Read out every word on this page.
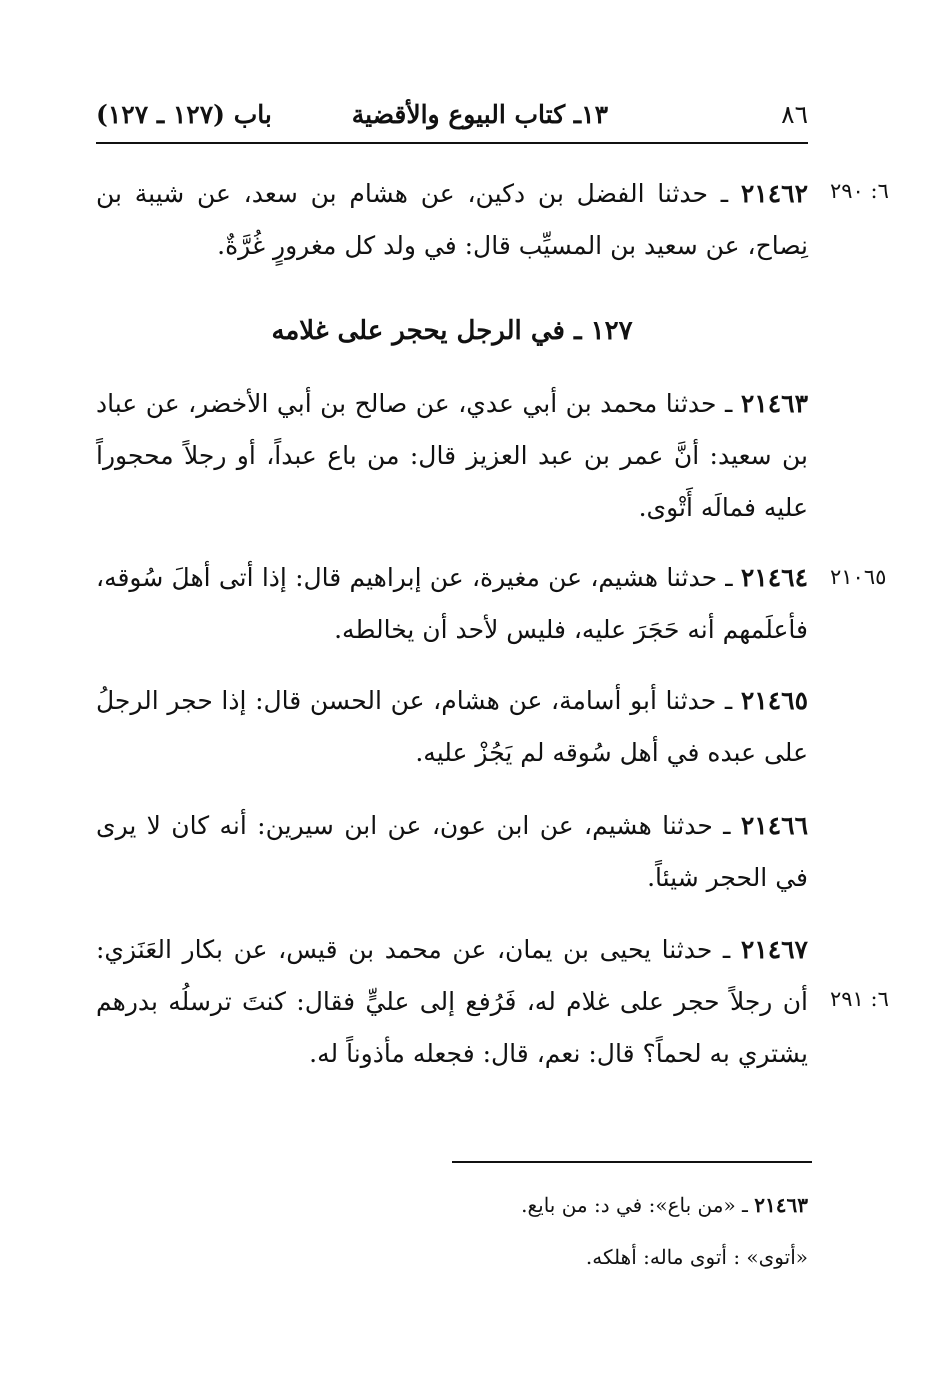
٨٦
١٣ـ كتاب البيوع والأقضية
باب (١٢٧ ـ ١٢٧)
٦: ٢٩٠
٢١٤٦٢ ـ حدثنا الفضل بن دكين، عن هشام بن سعد، عن شيبة بن نِصاح، عن سعيد بن المسيِّب قال: في ولد كل مغرورٍ غُرَّةٌ.
١٢٧ ـ في الرجل يحجر على غلامه
٢١٤٦٣ ـ حدثنا محمد بن أبي عدي، عن صالح بن أبي الأخضر، عن عباد بن سعيد: أنَّ عمر بن عبد العزيز قال: من باع عبداً، أو رجلاً محجوراً عليه فمالَه أَتْوى.
٢١٠٦٥
٢١٤٦٤ ـ حدثنا هشيم، عن مغيرة، عن إبراهيم قال: إذا أتى أهلَ سُوقه، فأعلَمهم أنه حَجَرَ عليه، فليس لأحد أن يخالطه.
٢١٤٦٥ ـ حدثنا أبو أسامة، عن هشام، عن الحسن قال: إذا حجر الرجلُ على عبده في أهل سُوقه لم يَجُزْ عليه.
٢١٤٦٦ ـ حدثنا هشيم، عن ابن عون، عن ابن سيرين: أنه كان لا يرى في الحجر شيئاً.
٦: ٢٩١
٢١٤٦٧ ـ حدثنا يحيى بن يمان، عن محمد بن قيس، عن بكار العَنَزي: أن رجلاً حجر على غلام له، فَرُفع إلى عليٍّ فقال: كنتَ ترسلُه بدرهم يشتري به لحماً؟ قال: نعم، قال: فجعله مأذوناً له.
٢١٤٦٣ ـ «من باع»: في د: من بايع.
«أتوى» : أتوى ماله: أهلكه.
